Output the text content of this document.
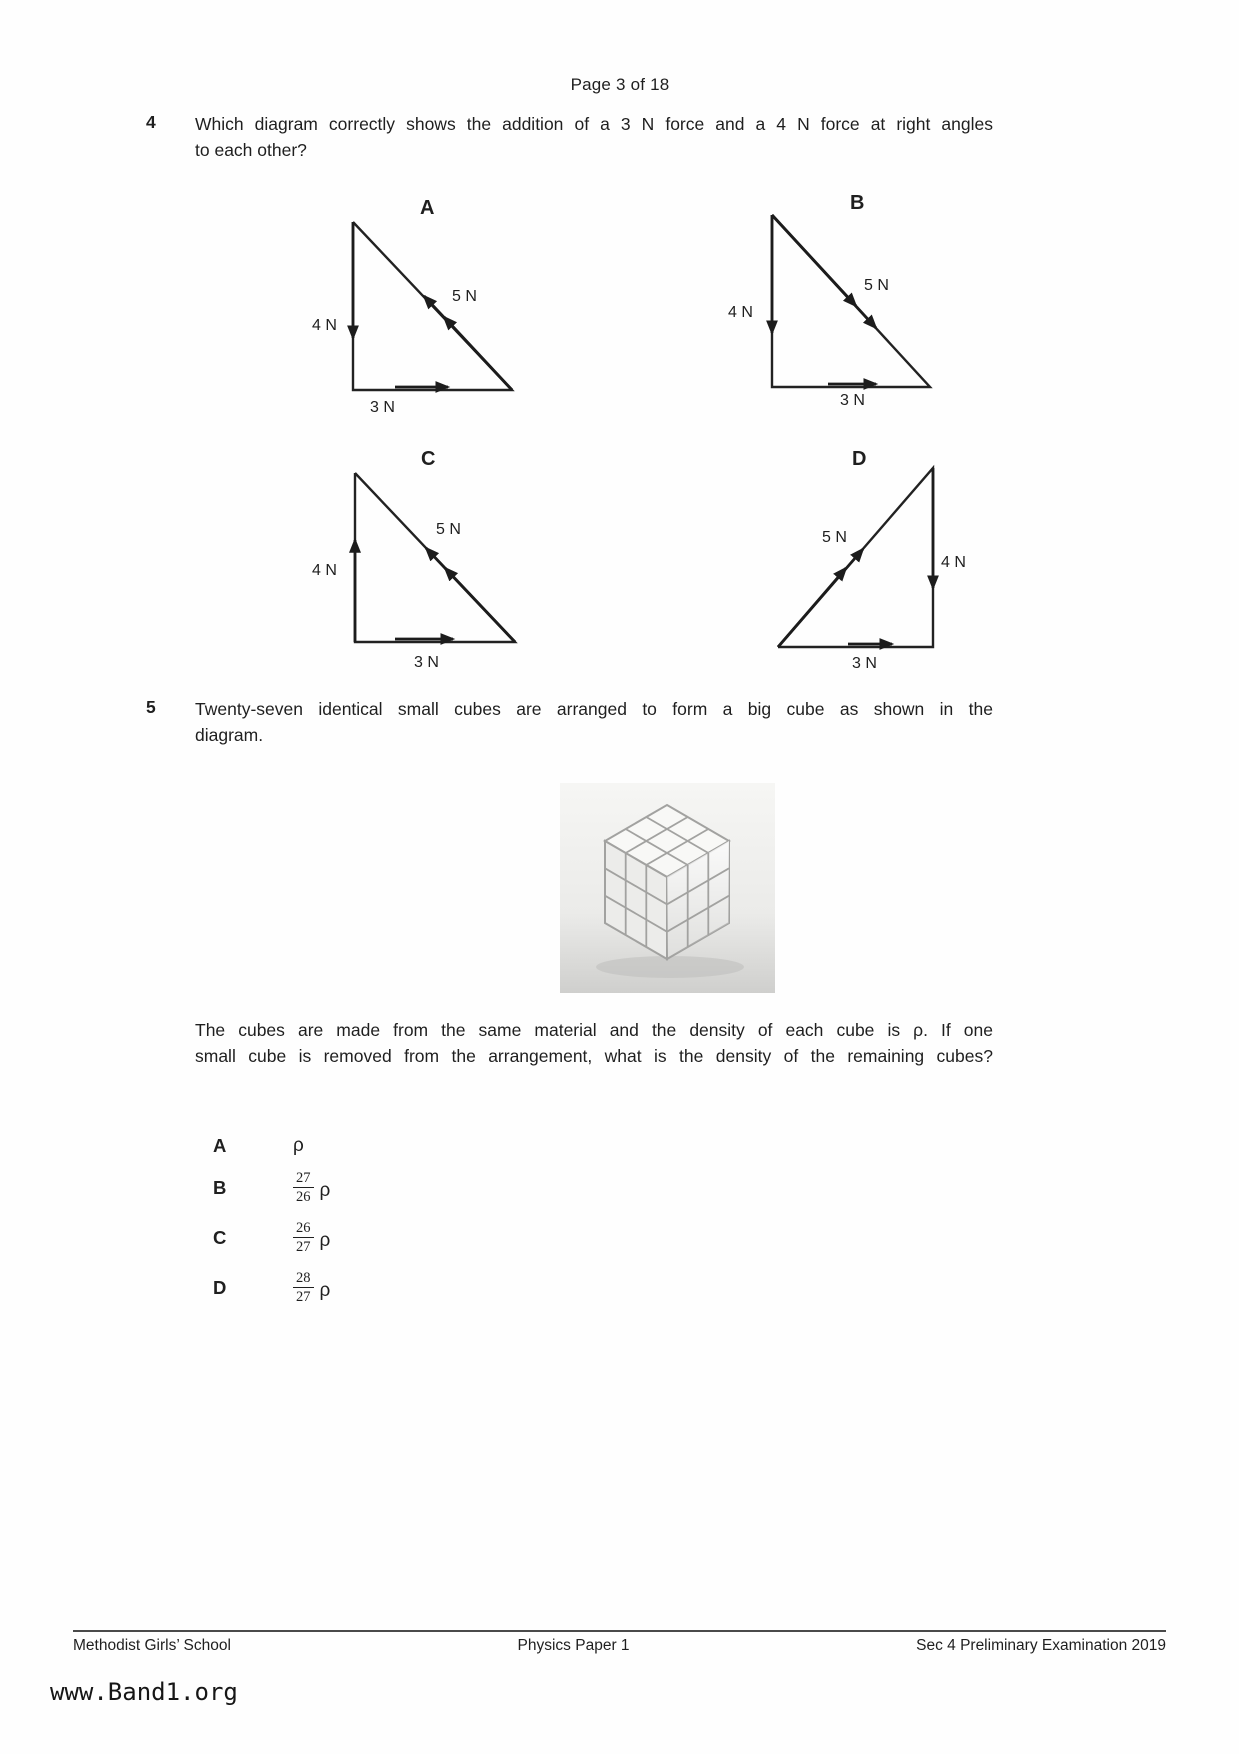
Page 3 of 18
4 Which diagram correctly shows the addition of a 3 N force and a 4 N force at right angles
to each other?
A
4 N
5 N
3 N
B
4 N
5 N
3 N
C
4 N
5 N
3 N
D
5 N
4 N
3 N
5 Twenty-seven identical small cubes are arranged to form a big cube as shown in the
diagram.
The cubes are made from the same material and the density of each cube is ρ. If one
small cube is removed from the arrangement, what is the density of the remaining cubes?
A	ρ
B	$\frac{27}{26}$ ρ
C	$\frac{26}{27}$ ρ
D	$\frac{28}{27}$ ρ
Methodist Girls’ School	Physics Paper 1	Sec 4 Preliminary Examination 2019
www.Band1.org
